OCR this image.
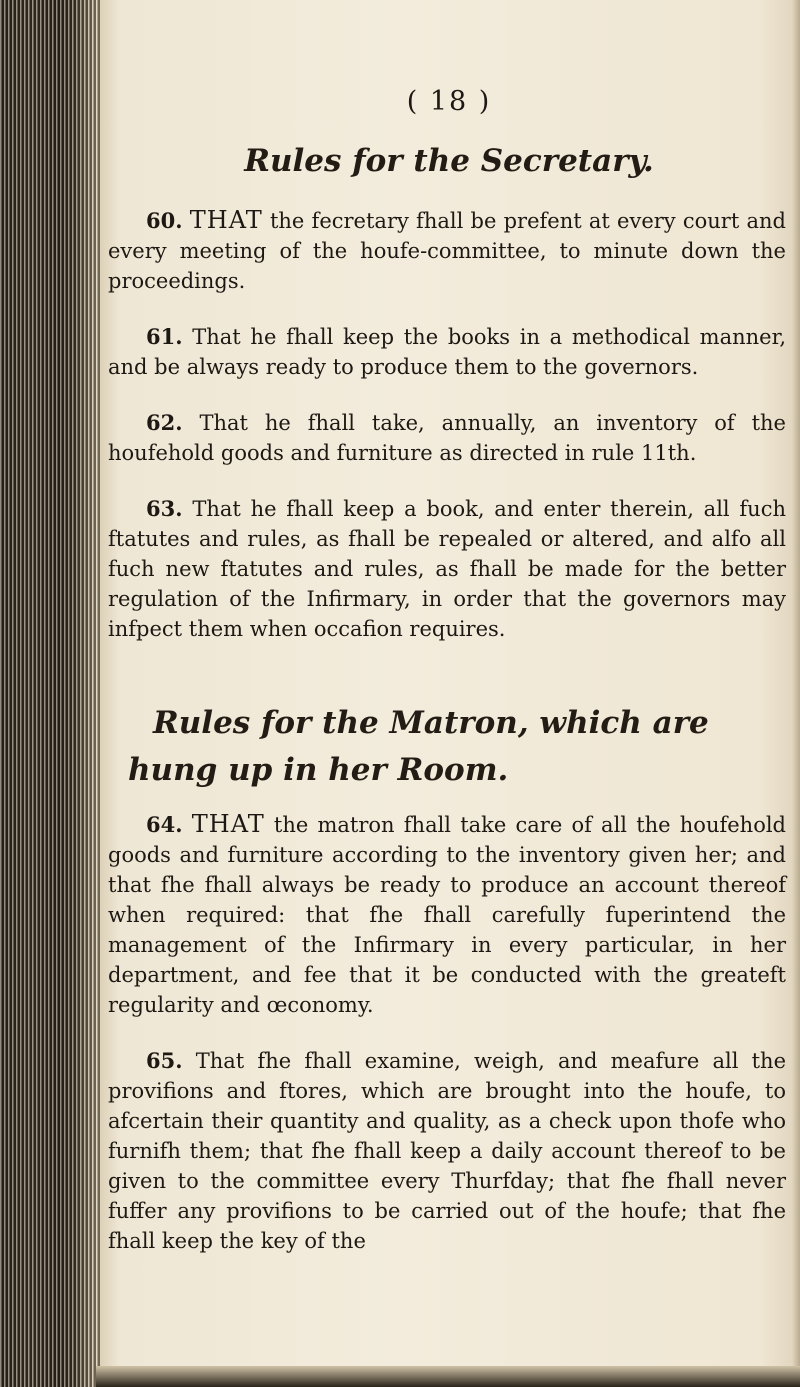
( 18 )
Rules for the Secretary.

60. THAT the fecretary fhall be prefent at every court and every meeting of the houfe-committee, to minute down the proceedings.

61. That he fhall keep the books in a methodical manner, and be always ready to produce them to the governors.

62. That he fhall take, annually, an inventory of the houfehold goods and furniture as directed in rule 11th.

63. That he fhall keep a book, and enter therein, all fuch ftatutes and rules, as fhall be repealed or altered, and alfo all fuch new ftatutes and rules, as fhall be made for the better regulation of the Infirmary, in order that the governors may infpect them when occafion requires.

Rules for the Matron, which are hung up in her Room.

64. THAT the matron fhall take care of all the houfehold goods and furniture according to the inventory given her; and that fhe fhall always be ready to produce an account thereof when required: that fhe fhall carefully fuperintend the management of the Infirmary in every particular, in her department, and fee that it be conducted with the greateft regularity and œconomy.

65. That fhe fhall examine, weigh, and meafure all the provifions and ftores, which are brought into the houfe, to afcertain their quantity and quality, as a check upon thofe who furnifh them; that fhe fhall keep a daily account thereof to be given to the committee every Thurfday; that fhe fhall never fuffer any provifions to be carried out of the houfe; that fhe fhall keep the key of the
